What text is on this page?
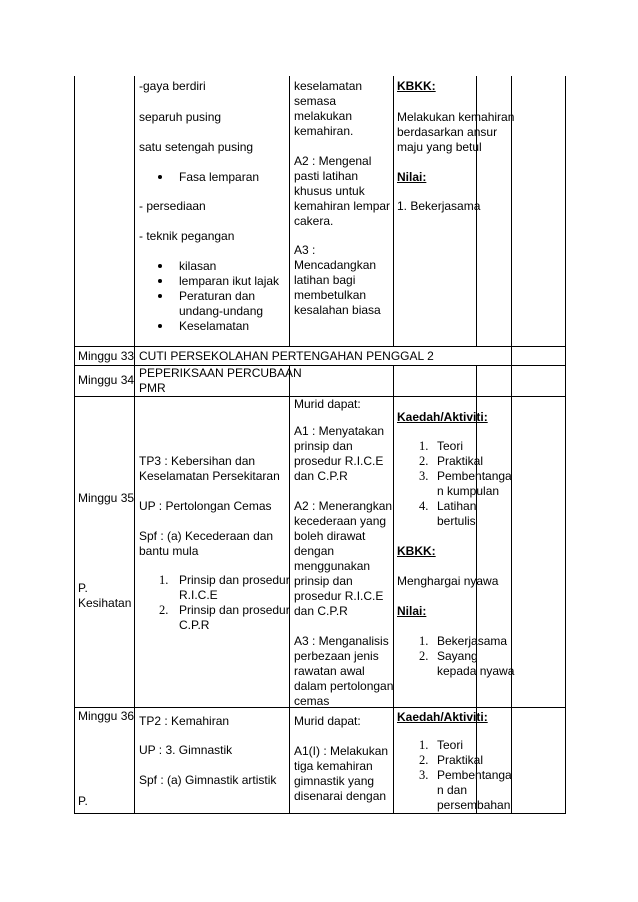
-gaya berdiri
separuh pusing
satu setengah pusing
Fasa lemparan
- persediaan
- teknik pegangan
kilasan
lemparan ikut lajak
Peraturan dan
undang-undang
Keselamatan
keselamatan
semasa
melakukan
kemahiran.
A2 : Mengenal
pasti latihan
khusus untuk
kemahiran lempar
cakera.
A3 :
Mencadangkan
latihan bagi
membetulkan
kesalahan biasa
KBKK:
Melakukan kemahiran
berdasarkan ansur
maju yang betul
Nilai:
1. Bekerjasama
Minggu 33 CUTI PERSEKOLAHAN PERTENGAHAN PENGGAL 2
Minggu 34 PEPERIKSAAN PERCUBAAN
PMR
Minggu 35
P.
Kesihatan
TP3 : Kebersihan dan
Keselamatan Persekitaran
UP : Pertolongan Cemas
Spf : (a) Kecederaan dan
bantu mula
1. Prinsip dan prosedur
R.I.C.E
2. Prinsip dan prosedur
C.P.R
Murid dapat:
A1 : Menyatakan
prinsip dan
prosedur R.I.C.E
dan C.P.R
A2 : Menerangkan
kecederaan yang
boleh dirawat
dengan
menggunakan
prinsip dan
prosedur R.I.C.E
dan C.P.R
A3 : Menganalisis
perbezaan jenis
rawatan awal
dalam pertolongan
cemas
Kaedah/Aktiviti:
1. Teori
2. Praktikal
3. Pembentanga
n kumpulan
4. Latihan
bertulis
KBKK:
Menghargai nyawa
Nilai:
1. Bekerjasama
2. Sayang
kepada nyawa
Minggu 36
P.
TP2 : Kemahiran
UP : 3. Gimnastik
Spf : (a) Gimnastik artistik
Murid dapat:
A1(I) : Melakukan
tiga kemahiran
gimnastik yang
disenarai dengan
Kaedah/Aktiviti:
1. Teori
2. Praktikal
3. Pembentanga
n dan
persembahan
